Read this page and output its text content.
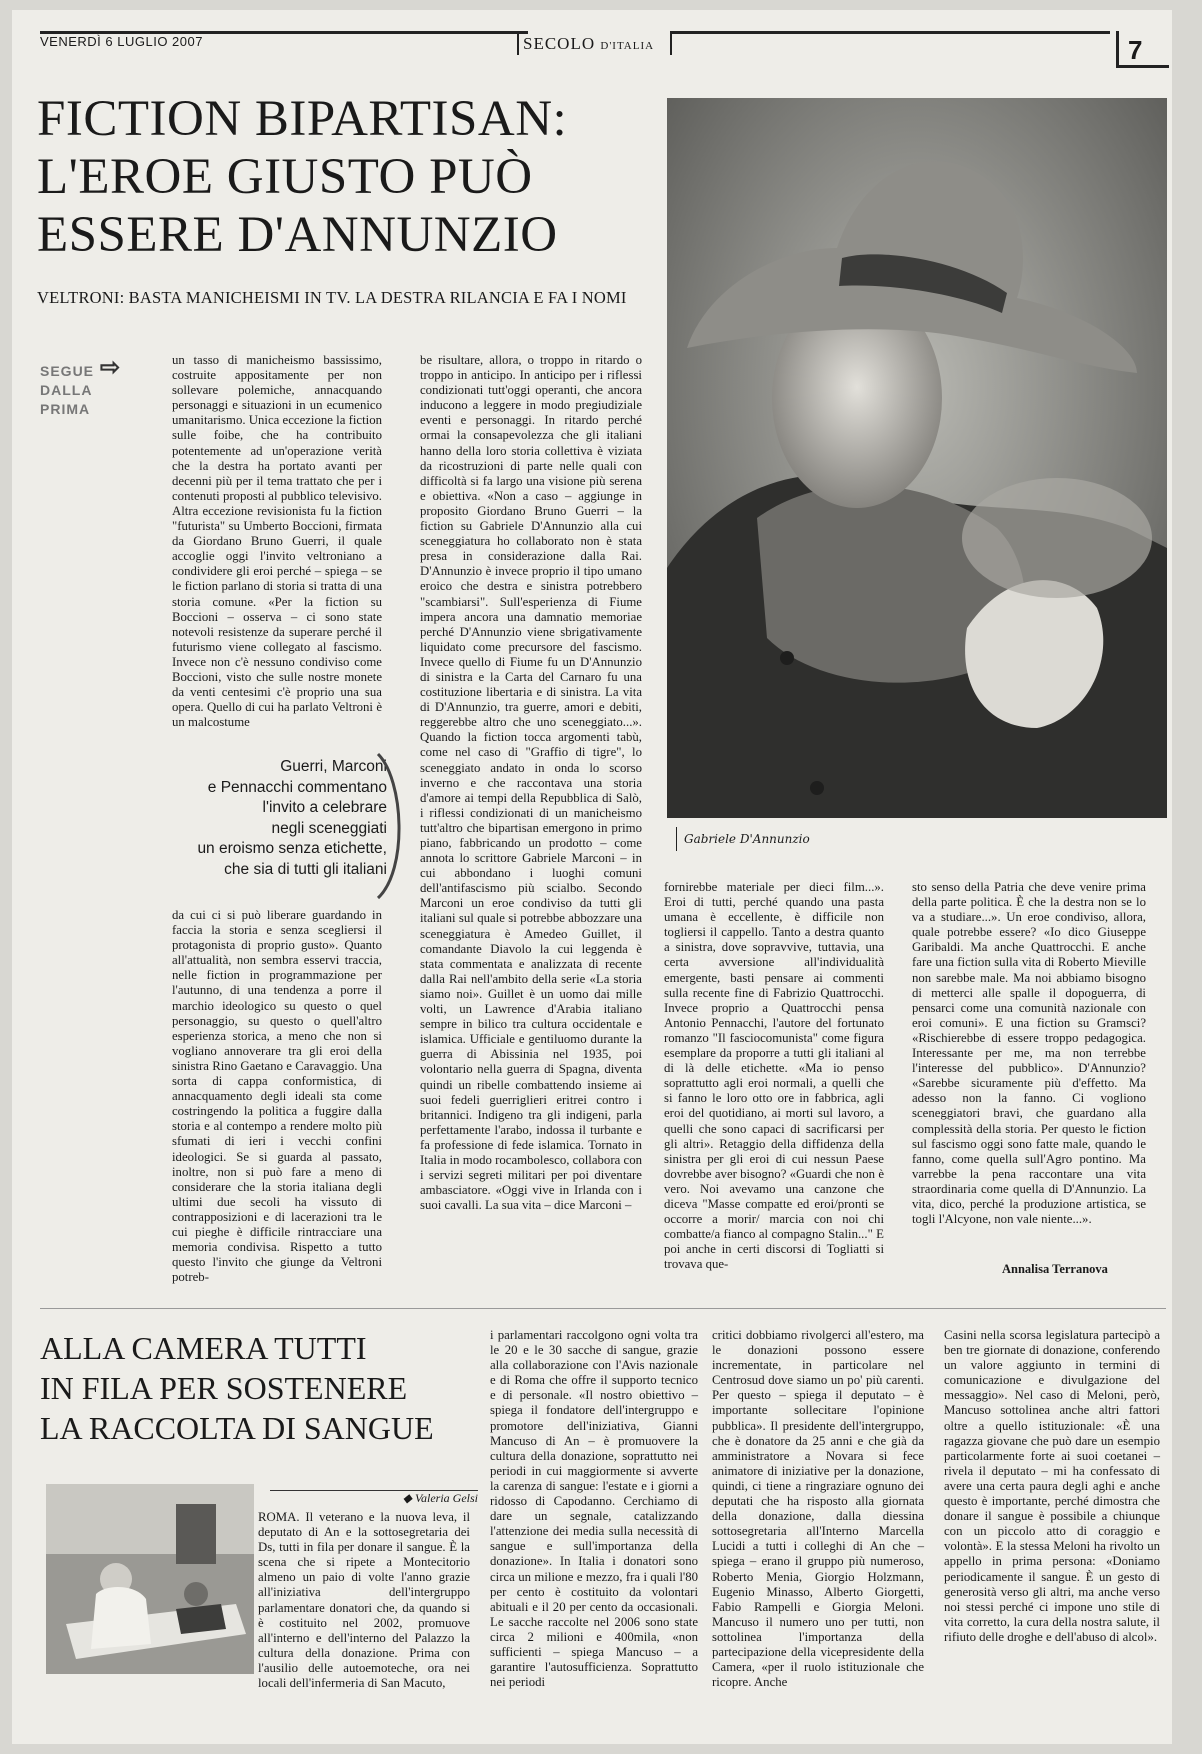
VENERDÌ 6 LUGLIO 2007	SECOLO D'ITALIA	7
FICTION BIPARTISAN:
L'EROE GIUSTO PUÒ
ESSERE D'ANNUNZIO
VELTRONI: BASTA MANICHEISMI IN TV. LA DESTRA RILANCIA E FA I NOMI
SEGUE
DALLA
PRIMA
⇨
Gabriele D'Annunzio

un tasso di manicheismo bassissimo, costruite appositamente per non sollevare polemiche, annacquando personaggi e situazioni in un ecumenico umanitarismo. Unica eccezione la fiction sulle foibe, che ha contribuito potentemente ad un'operazione verità che la destra ha portato avanti per decenni più per il tema trattato che per i contenuti proposti al pubblico televisivo. Altra eccezione revisionista fu la fiction "futurista" su Umberto Boccioni, firmata da Giordano Bruno Guerri, il quale accoglie oggi l'invito veltroniano a condividere gli eroi perché – spiega – se le fiction parlano di storia si tratta di una storia comune. «Per la fiction su Boccioni – osserva – ci sono state notevoli resistenze da superare perché il futurismo viene collegato al fascismo. Invece non c'è nessuno condiviso come Boccioni, visto che sulle nostre monete da venti centesimi c'è proprio una sua opera. Quello di cui ha parlato Veltroni è un malcostume

Guerri, Marconi
e Pennacchi commentano
l'invito a celebrare
negli sceneggiati
un eroismo senza etichette,
che sia di tutti gli italiani

da cui ci si può liberare guardando in faccia la storia e senza scegliersi il protagonista di proprio gusto». Quanto all'attualità, non sembra esservi traccia, nelle fiction in programmazione per l'autunno, di una tendenza a porre il marchio ideologico su questo o quel personaggio, su questo o quell'altro esperienza storica, a meno che non si vogliano annoverare tra gli eroi della sinistra Rino Gaetano e Caravaggio. Una sorta di cappa conformistica, di annacquamento degli ideali sta come costringendo la politica a fuggire dalla storia e al contempo a rendere molto più sfumati di ieri i vecchi confini ideologici. Se si guarda al passato, inoltre, non si può fare a meno di considerare che la storia italiana degli ultimi due secoli ha vissuto di contrapposizioni e di lacerazioni tra le cui pieghe è difficile rintracciare una memoria condivisa. Rispetto a tutto questo l'invito che giunge da Veltroni potreb-

be risultare, allora, o troppo in ritardo o troppo in anticipo. In anticipo per i riflessi condizionati tutt'oggi operanti, che ancora inducono a leggere in modo pregiudiziale eventi e personaggi. In ritardo perché ormai la consapevolezza che gli italiani hanno della loro storia collettiva è viziata da ricostruzioni di parte nelle quali con difficoltà si fa largo una visione più serena e obiettiva. «Non a caso – aggiunge in proposito Giordano Bruno Guerri – la fiction su Gabriele D'Annunzio alla cui sceneggiatura ho collaborato non è stata presa in considerazione dalla Rai. D'Annunzio è invece proprio il tipo umano eroico che destra e sinistra potrebbero "scambiarsi". Sull'esperienza di Fiume impera ancora una damnatio memoriae perché D'Annunzio viene sbrigativamente liquidato come precursore del fascismo. Invece quello di Fiume fu un D'Annunzio di sinistra e la Carta del Carnaro fu una costituzione libertaria e di sinistra. La vita di D'Annunzio, tra guerre, amori e debiti, reggerebbe altro che uno sceneggiato...». Quando la fiction tocca argomenti tabù, come nel caso di "Graffio di tigre", lo sceneggiato andato in onda lo scorso inverno e che raccontava una storia d'amore ai tempi della Repubblica di Salò, i riflessi condizionati di un manicheismo tutt'altro che bipartisan emergono in primo piano, fabbricando un prodotto – come annota lo scrittore Gabriele Marconi – in cui abbondano i luoghi comuni dell'antifascismo più scialbo. Secondo Marconi un eroe condiviso da tutti gli italiani sul quale si potrebbe abbozzare una sceneggiatura è Amedeo Guillet, il comandante Diavolo la cui leggenda è stata commentata e analizzata di recente dalla Rai nell'ambito della serie «La storia siamo noi». Guillet è un uomo dai mille volti, un Lawrence d'Arabia italiano sempre in bilico tra cultura occidentale e islamica. Ufficiale e gentiluomo durante la guerra di Abissinia nel 1935, poi volontario nella guerra di Spagna, diventa quindi un ribelle combattendo insieme ai suoi fedeli guerriglieri eritrei contro i britannici. Indigeno tra gli indigeni, parla perfettamente l'arabo, indossa il turbante e fa professione di fede islamica. Tornato in Italia in modo rocambolesco, collabora con i servizi segreti militari per poi diventare ambasciatore. «Oggi vive in Irlanda con i suoi cavalli. La sua vita – dice Marconi –

fornirebbe materiale per dieci film...». Eroi di tutti, perché quando una pasta umana è eccellente, è difficile non togliersi il cappello. Tanto a destra quanto a sinistra, dove sopravvive, tuttavia, una certa avversione all'individualità emergente, basti pensare ai commenti sulla recente fine di Fabrizio Quattrocchi. Invece proprio a Quattrocchi pensa Antonio Pennacchi, l'autore del fortunato romanzo "Il fasciocomunista" come figura esemplare da proporre a tutti gli italiani al di là delle etichette. «Ma io penso soprattutto agli eroi normali, a quelli che si fanno le loro otto ore in fabbrica, agli eroi del quotidiano, ai morti sul lavoro, a quelli che sono capaci di sacrificarsi per gli altri». Retaggio della diffidenza della sinistra per gli eroi di cui nessun Paese dovrebbe aver bisogno? «Guardi che non è vero. Noi avevamo una canzone che diceva "Masse compatte ed eroi/pronti se occorre a morir/ marcia con noi chi combatte/a fianco al compagno Stalin..." E poi anche in certi discorsi di Togliatti si trovava que-

sto senso della Patria che deve venire prima della parte politica. È che la destra non se lo va a studiare...». Un eroe condiviso, allora, quale potrebbe essere? «Io dico Giuseppe Garibaldi. Ma anche Quattrocchi. E anche fare una fiction sulla vita di Roberto Mieville non sarebbe male. Ma noi abbiamo bisogno di metterci alle spalle il dopoguerra, di pensarci come una comunità nazionale con eroi comuni». E una fiction su Gramsci? «Rischierebbe di essere troppo pedagogica. Interessante per me, ma non terrebbe l'interesse del pubblico». D'Annunzio? «Sarebbe sicuramente più d'effetto. Ma adesso non la fanno. Ci vogliono sceneggiatori bravi, che guardano alla complessità della storia. Per questo le fiction sul fascismo oggi sono fatte male, quando le fanno, come quella sull'Agro pontino. Ma varrebbe la pena raccontare una vita straordinaria come quella di D'Annunzio. La vita, dico, perché la produzione artistica, se togli l'Alcyone, non vale niente...».

Annalisa Terranova
ALLA CAMERA TUTTI
IN FILA PER SOSTENERE
LA RACCOLTA DI SANGUE
◆ Valeria Gelsi

ROMA. Il veterano e la nuova leva, il deputato di An e la sottosegretaria dei Ds, tutti in fila per donare il sangue. È la scena che si ripete a Montecitorio almeno un paio di volte l'anno grazie all'iniziativa dell'intergruppo parlamentare donatori che, da quando si è costituito nel 2002, promuove all'interno e dell'interno del Palazzo la cultura della donazione. Prima con l'ausilio delle autoemoteche, ora nei locali dell'infermeria di San Macuto,

i parlamentari raccolgono ogni volta tra le 20 e le 30 sacche di sangue, grazie alla collaborazione con l'Avis nazionale e di Roma che offre il supporto tecnico e di personale. «Il nostro obiettivo – spiega il fondatore dell'intergruppo e promotore dell'iniziativa, Gianni Mancuso di An – è promuovere la cultura della donazione, soprattutto nei periodi in cui maggiormente si avverte la carenza di sangue: l'estate e i giorni a ridosso di Capodanno. Cerchiamo di dare un segnale, catalizzando l'attenzione dei media sulla necessità di sangue e sull'importanza della donazione». In Italia i donatori sono circa un milione e mezzo, fra i quali l'80 per cento è costituito da volontari abituali e il 20 per cento da occasionali. Le sacche raccolte nel 2006 sono state circa 2 milioni e 400mila, «non sufficienti – spiega Mancuso – a garantire l'autosufficienza. Soprattutto nei periodi

critici dobbiamo rivolgerci all'estero, ma le donazioni possono essere incrementate, in particolare nel Centrosud dove siamo un po' più carenti. Per questo – spiega il deputato – è importante sollecitare l'opinione pubblica». Il presidente dell'intergruppo, che è donatore da 25 anni e che già da amministratore a Novara si fece animatore di iniziative per la donazione, quindi, ci tiene a ringraziare ognuno dei deputati che ha risposto alla giornata della donazione, dalla diessina sottosegretaria all'Interno Marcella Lucidi a tutti i colleghi di An che – spiega – erano il gruppo più numeroso, Roberto Menia, Giorgio Holzmann, Eugenio Minasso, Alberto Giorgetti, Fabio Rampelli e Giorgia Meloni. Mancuso il numero uno per tutti, non sottolinea l'importanza della partecipazione della vicepresidente della Camera, «per il ruolo istituzionale che ricopre. Anche

Casini nella scorsa legislatura partecipò a ben tre giornate di donazione, conferendo un valore aggiunto in termini di comunicazione e divulgazione del messaggio». Nel caso di Meloni, però, Mancuso sottolinea anche altri fattori oltre a quello istituzionale: «È una ragazza giovane che può dare un esempio particolarmente forte ai suoi coetanei – rivela il deputato – mi ha confessato di avere una certa paura degli aghi e anche questo è importante, perché dimostra che donare il sangue è possibile a chiunque con un piccolo atto di coraggio e volontà». E la stessa Meloni ha rivolto un appello in prima persona: «Doniamo periodicamente il sangue. È un gesto di generosità verso gli altri, ma anche verso noi stessi perché ci impone uno stile di vita corretto, la cura della nostra salute, il rifiuto delle droghe e dell'abuso di alcol».
